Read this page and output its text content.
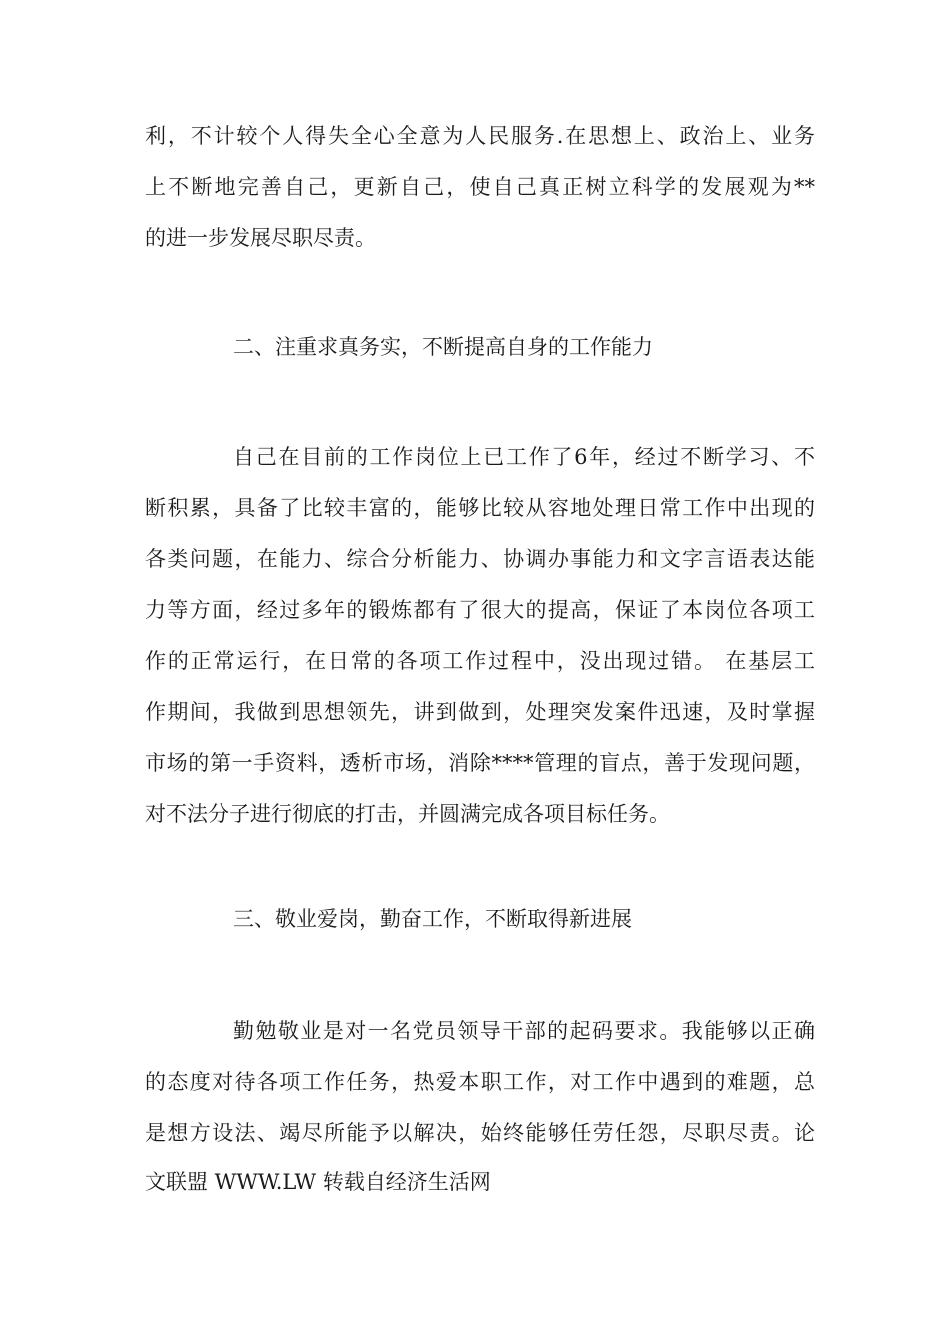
利，不计较个人得失全心全意为人民服务.在思想上、政治上、业务
上不断地完善自己，更新自己，使自己真正树立科学的发展观为**
的进一步发展尽职尽责。
二、注重求真务实，不断提高自身的工作能力
自己在目前的工作岗位上已工作了6年，经过不断学习、不
断积累，具备了比较丰富的，能够比较从容地处理日常工作中出现的
各类问题，在能力、综合分析能力、协调办事能力和文字言语表达能
力等方面，经过多年的锻炼都有了很大的提高，保证了本岗位各项工
作的正常运行，在日常的各项工作过程中，没出现过错。 在基层工
作期间，我做到思想领先，讲到做到，处理突发案件迅速，及时掌握
市场的第一手资料，透析市场，消除****管理的盲点，善于发现问题，
对不法分子进行彻底的打击，并圆满完成各项目标任务。
三、敬业爱岗，勤奋工作，不断取得新进展
勤勉敬业是对一名党员领导干部的起码要求。我能够以正确
的态度对待各项工作任务，热爱本职工作，对工作中遇到的难题，总
是想方设法、竭尽所能予以解决，始终能够任劳任怨，尽职尽责。论
文联盟 WWW.LW 转载自经济生活网
